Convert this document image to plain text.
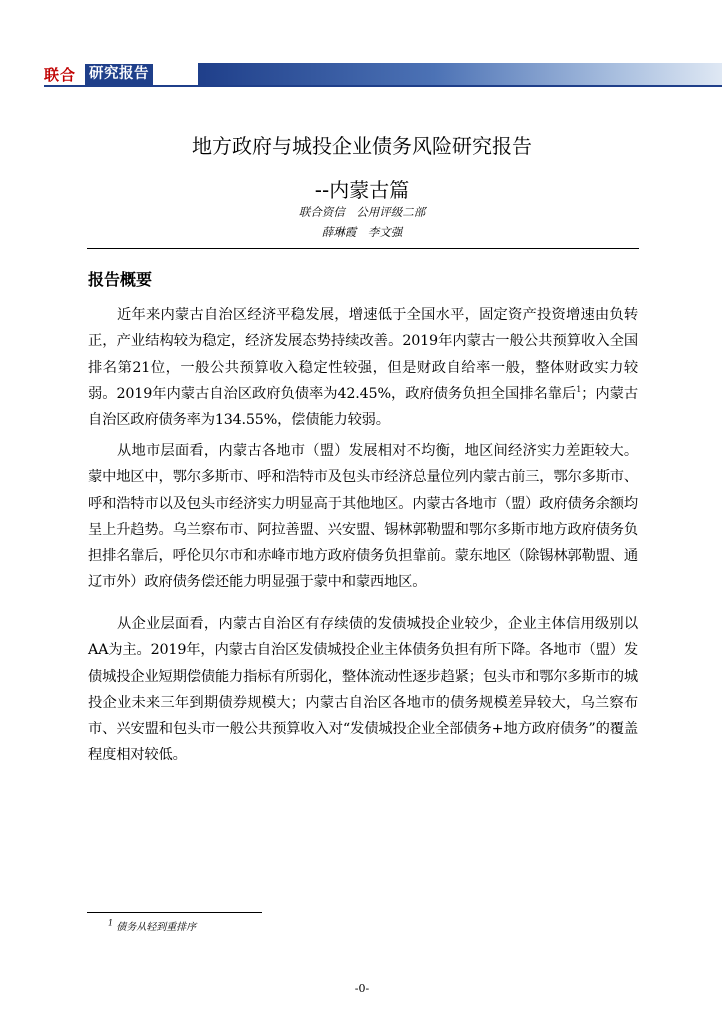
联合 研究报告
地方政府与城投企业债务风险研究报告
--内蒙古篇
联合资信　公用评级二部
薛琳霞　李文强
报告概要

近年来内蒙古自治区经济平稳发展，增速低于全国水平，固定资产投资增速由负转正，产业结构较为稳定，经济发展态势持续改善。2019年内蒙古一般公共预算收入全国排名第21位，一般公共预算收入稳定性较强，但是财政自给率一般，整体财政实力较弱。2019年内蒙古自治区政府负债率为42.45%，政府债务负担全国排名靠后$^1$；内蒙古自治区政府债务率为134.55%，偿债能力较弱。

从地市层面看，内蒙古各地市（盟）发展相对不均衡，地区间经济实力差距较大。蒙中地区中，鄂尔多斯市、呼和浩特市及包头市经济总量位列内蒙古前三，鄂尔多斯市、呼和浩特市以及包头市经济实力明显高于其他地区。内蒙古各地市（盟）政府债务余额均呈上升趋势。乌兰察布市、阿拉善盟、兴安盟、锡林郭勒盟和鄂尔多斯市地方政府债务负担排名靠后，呼伦贝尔市和赤峰市地方政府债务负担靠前。蒙东地区（除锡林郭勒盟、通辽市外）政府债务偿还能力明显强于蒙中和蒙西地区。

从企业层面看，内蒙古自治区有存续债的发债城投企业较少，企业主体信用级别以AA为主。2019年，内蒙古自治区发债城投企业主体债务负担有所下降。各地市（盟）发债城投企业短期偿债能力指标有所弱化，整体流动性逐步趋紧；包头市和鄂尔多斯市的城投企业未来三年到期债券规模大；内蒙古自治区各地市的债务规模差异较大，乌兰察布市、兴安盟和包头市一般公共预算收入对“发债城投企业全部债务+地方政府债务”的覆盖程度相对较低。

$^1$ 债务从轻到重排序
-0-
